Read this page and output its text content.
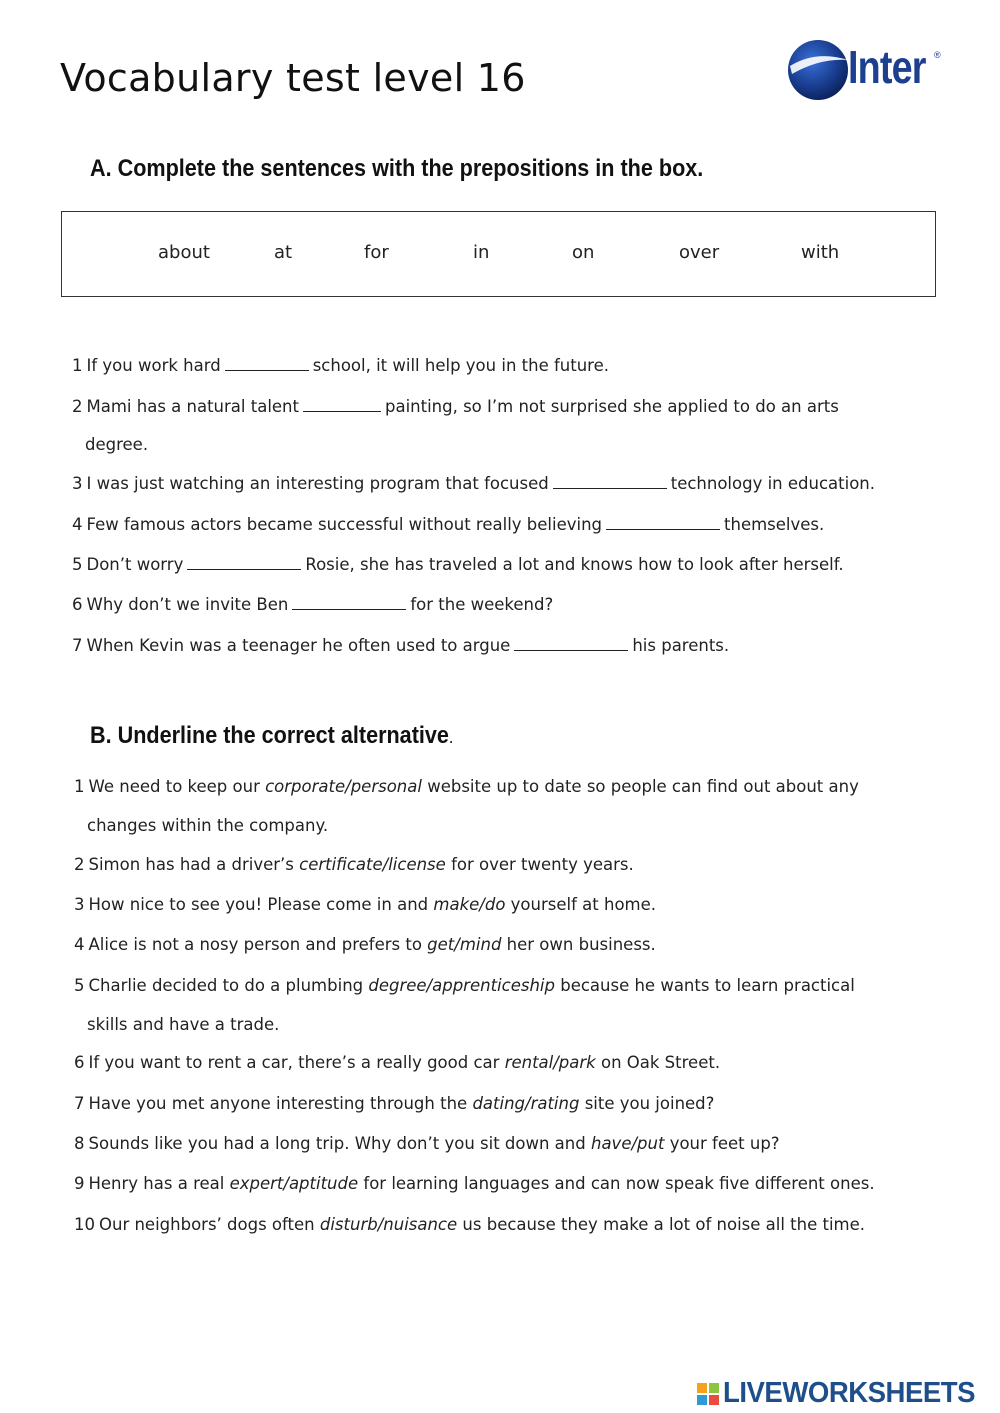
Vocabulary test level 16	Inter ®
A. Complete the sentences with the prepositions in the box.
about	at	for	in	on	over	with
1 If you work hard	school, it will help you in the future.
2 Mami has a natural talent	painting, so I’m not surprised she applied to do an arts
degree.
3 I was just watching an interesting program that focused	technology in education.
4 Few famous actors became successful without really believing	themselves.
5 Don’t worry	Rosie, she has traveled a lot and knows how to look after herself.
6 Why don’t we invite Ben	for the weekend?
7 When Kevin was a teenager he often used to argue	his parents.
B. Underline the correct alternative.
1 We need to keep our corporate/personal website up to date so people can find out about any
changes within the company.
2 Simon has had a driver’s certificate/license for over twenty years.
3 How nice to see you! Please come in and make/do yourself at home.
4 Alice is not a nosy person and prefers to get/mind her own business.
5 Charlie decided to do a plumbing degree/apprenticeship because he wants to learn practical
skills and have a trade.
6 If you want to rent a car, there’s a really good car rental/park on Oak Street.
7 Have you met anyone interesting through the dating/rating site you joined?
8 Sounds like you had a long trip. Why don’t you sit down and have/put your feet up?
9 Henry has a real expert/aptitude for learning languages and can now speak five different ones.
10 Our neighbors’ dogs often disturb/nuisance us because they make a lot of noise all the time.
LIVEWORKSHEETS
